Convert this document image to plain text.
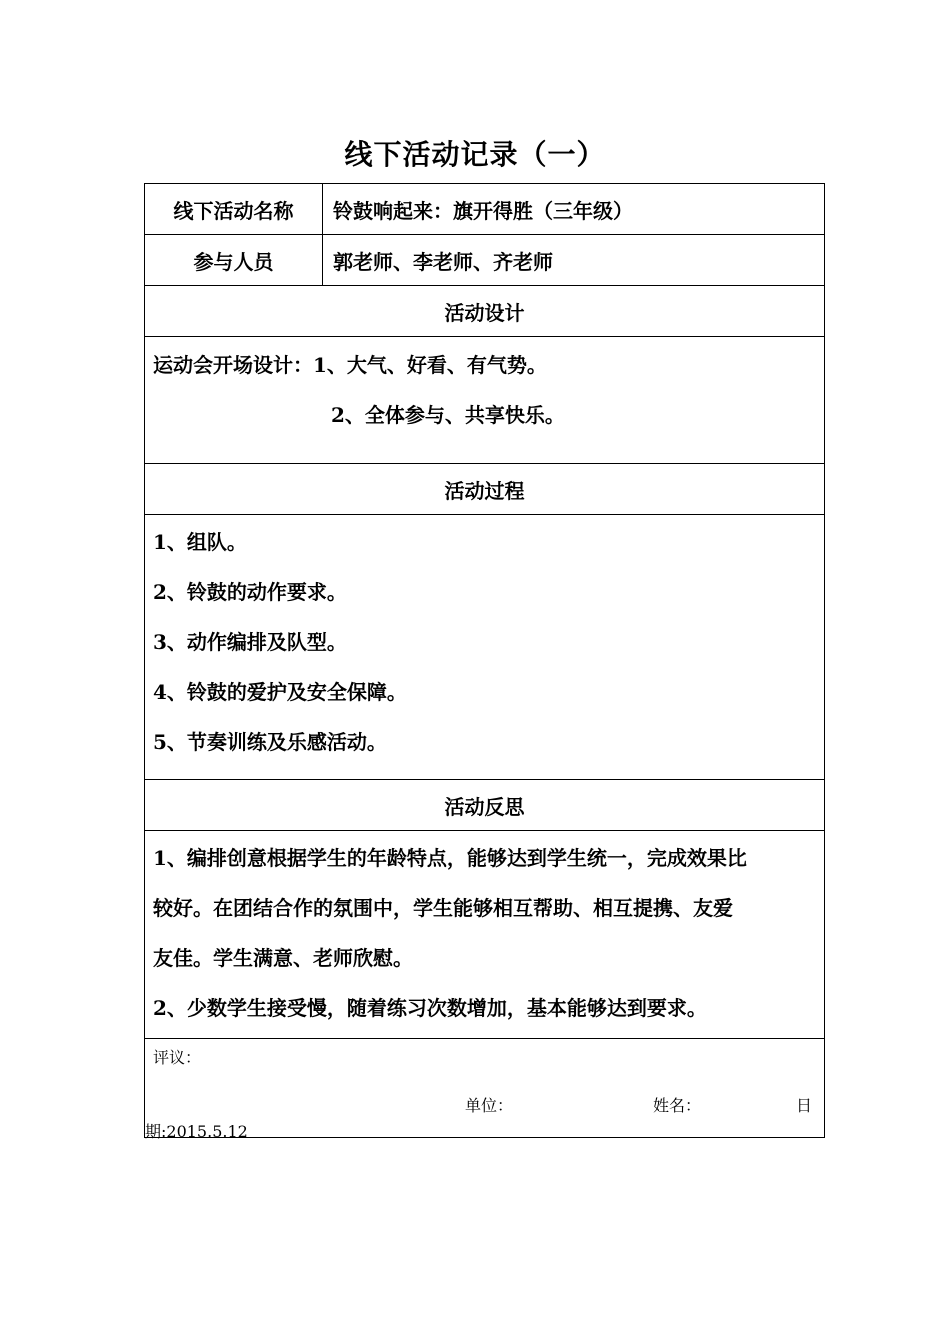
线下活动记录（一）
线下活动名称	铃鼓响起来：旗开得胜（三年级）
参与人员	郭老师、李老师、齐老师
活动设计	

运动会开场设计：1、大气、好看、有气势。
2、全体参与、共享快乐。	

活动过程	

1、组队。
2、铃鼓的动作要求。
3、动作编排及队型。
4、铃鼓的爱护及安全保障。
5、节奏训练及乐感活动。	

活动反思	

1、编排创意根据学生的年龄特点，能够达到学生统一，完成效果比
较好。在团结合作的氛围中，学生能够相互帮助、相互提携、友爱
友佳。学生满意、老师欣慰。
2、少数学生接受慢，随着练习次数增加，基本能够达到要求。	

评议：
单位： 姓名： 日
期:2015.5.12	
